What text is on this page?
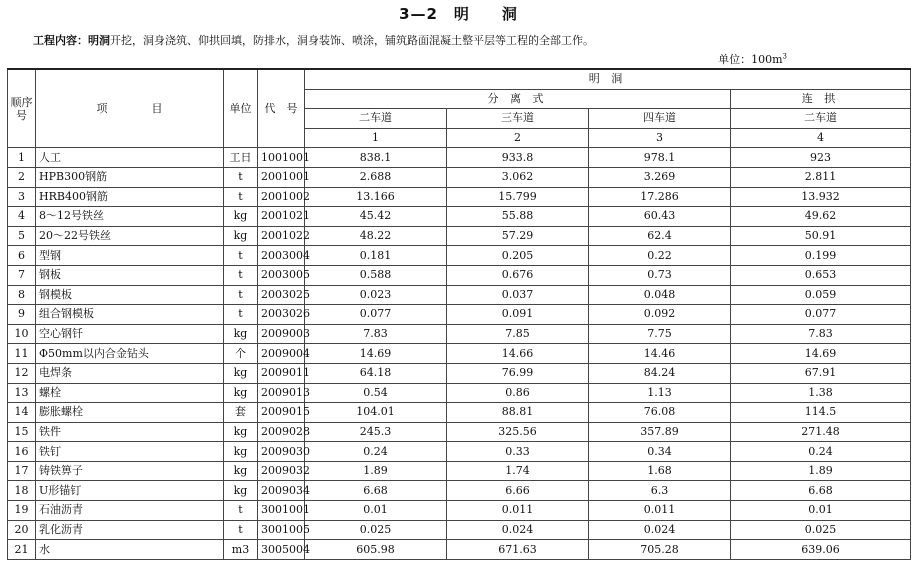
3—2　明　　洞
工程内容：明洞开挖，洞身浇筑、仰拱回填，防排水，洞身装饰、喷涂，铺筑路面混凝土整平层等工程的全部工作。
单位：$100m^3$
顺序号	项　　　　目	单位	代　号	明 洞			
				分 离 式			连 拱
				二车道	三车道	四车道	二车道
				1	2	3	4
1	人工	工日	1001001	838.1	933.8	978.1	923
2	HPB300钢筋	t	2001001	2.688	3.062	3.269	2.811
3	HRB400钢筋	t	2001002	13.166	15.799	17.286	13.932
4	8～12号铁丝	kg	2001021	45.42	55.88	60.43	49.62
5	20～22号铁丝	kg	2001022	48.22	57.29	62.4	50.91
6	型钢	t	2003004	0.181	0.205	0.22	0.199
7	钢板	t	2003005	0.588	0.676	0.73	0.653
8	钢模板	t	2003025	0.023	0.037	0.048	0.059
9	组合钢模板	t	2003026	0.077	0.091	0.092	0.077
10	空心钢钎	kg	2009003	7.83	7.85	7.75	7.83
11	Φ50mm以内合金钻头	个	2009004	14.69	14.66	14.46	14.69
12	电焊条	kg	2009011	64.18	76.99	84.24	67.91
13	螺栓	kg	2009013	0.54	0.86	1.13	1.38
14	膨胀螺栓	套	2009015	104.01	88.81	76.08	114.5
15	铁件	kg	2009028	245.3	325.56	357.89	271.48
16	铁钉	kg	2009030	0.24	0.33	0.34	0.24
17	铸铁箅子	kg	2009032	1.89	1.74	1.68	1.89
18	U形锚钉	kg	2009034	6.68	6.66	6.3	6.68
19	石油沥青	t	3001001	0.01	0.011	0.011	0.01
20	乳化沥青	t	3001005	0.025	0.024	0.024	0.025
21	水	m3	3005004	605.98	671.63	705.28	639.06
